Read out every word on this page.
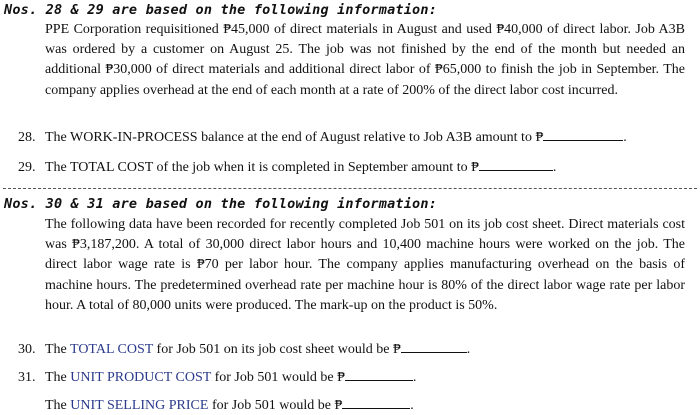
Nos. 28 & 29 are based on the following information:

PPE Corporation requisitioned ₱45,000 of direct materials in August and used ₱40,000 of direct labor. Job A3B was ordered by a customer on August 25. The job was not finished by the end of the month but needed an additional ₱30,000 of direct materials and additional direct labor of ₱65,000 to finish the job in September. The company applies overhead at the end of each month at a rate of 200% of the direct labor cost incurred.

28. The WORK-IN-PROCESS balance at the end of August relative to Job A3B amount to ₱	.
29. The TOTAL COST of the job when it is completed in September amount to ₱	.
Nos. 30 & 31 are based on the following information:

The following data have been recorded for recently completed Job 501 on its job cost sheet. Direct materials cost was ₱3,187,200. A total of 30,000 direct labor hours and 10,400 machine hours were worked on the job. The direct labor wage rate is ₱70 per labor hour. The company applies manufacturing overhead on the basis of machine hours. The predetermined overhead rate per machine hour is 80% of the direct labor wage rate per labor hour. A total of 80,000 units were produced. The mark-up on the product is 50%.

30. The TOTAL COST for Job 501 on its job cost sheet would be ₱	.
31. The UNIT PRODUCT COST for Job 501 would be ₱	.
The UNIT SELLING PRICE for Job 501 would be ₱	.
